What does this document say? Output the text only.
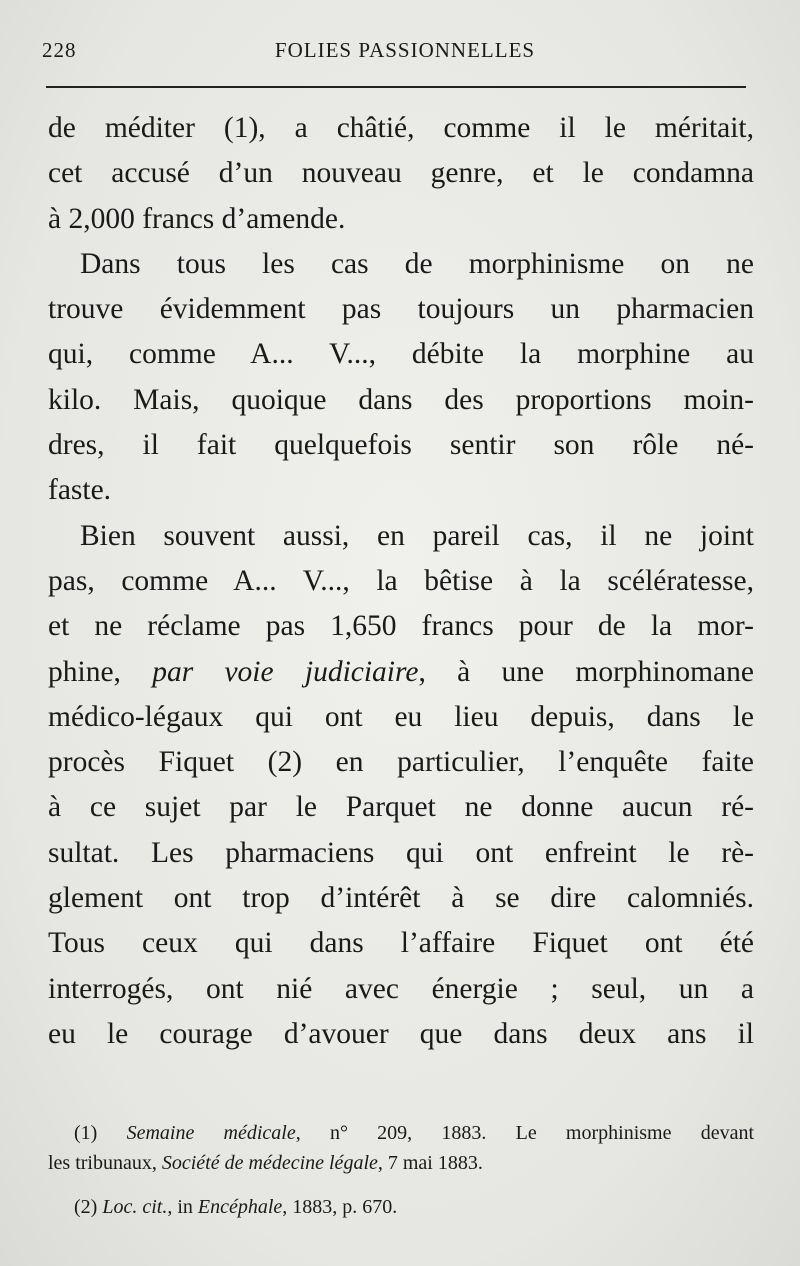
228	FOLIES PASSIONNELLES
de méditer (1), a châtié, comme il le méritait,
cet accusé d’un nouveau genre, et le condamna
à 2,000 francs d’amende.
Dans tous les cas de morphinisme on ne
trouve évidemment pas toujours un pharmacien
qui, comme A... V..., débite la morphine au
kilo. Mais, quoique dans des proportions moin-
dres, il fait quelquefois sentir son rôle né-
faste.
Bien souvent aussi, en pareil cas, il ne joint
pas, comme A... V..., la bêtise à la scélératesse,
et ne réclame pas 1,650 francs pour de la mor-
phine, par voie judiciaire, à une morphinomane
médico-légaux qui ont eu lieu depuis, dans le
procès Fiquet (2) en particulier, l’enquête faite
à ce sujet par le Parquet ne donne aucun ré-
sultat. Les pharmaciens qui ont enfreint le rè-
glement ont trop d’intérêt à se dire calomniés.
Tous ceux qui dans l’affaire Fiquet ont été
interrogés, ont nié avec énergie ; seul, un a
eu le courage d’avouer que dans deux ans il
(1) Semaine médicale, n° 209, 1883. Le morphinisme devant
les tribunaux, Société de médecine légale, 7 mai 1883.
(2) Loc. cit., in Encéphale, 1883, p. 670.
